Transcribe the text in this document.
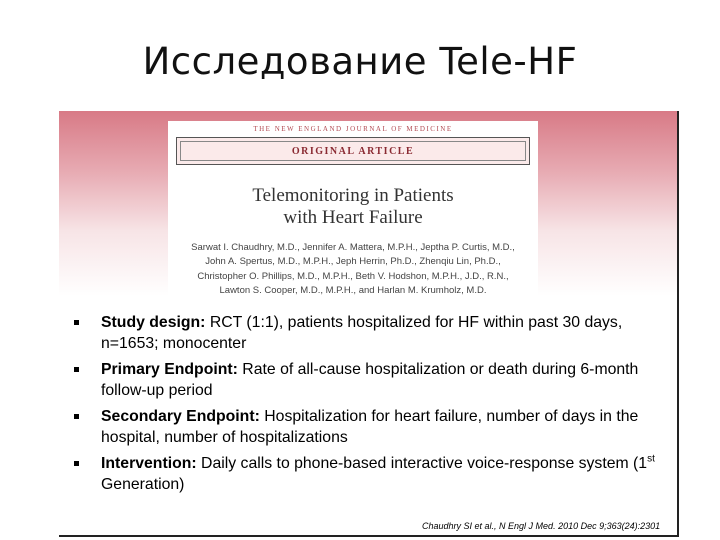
Исследование Tele-HF
THE NEW ENGLAND JOURNAL OF MEDICINE
ORIGINAL ARTICLE
Telemonitoring in Patients
with Heart Failure
Sarwat I. Chaudhry, M.D., Jennifer A. Mattera, M.P.H., Jeptha P. Curtis, M.D.,
John A. Spertus, M.D., M.P.H., Jeph Herrin, Ph.D., Zhenqiu Lin, Ph.D.,
Christopher O. Phillips, M.D., M.P.H., Beth V. Hodshon, M.P.H., J.D., R.N.,
Lawton S. Cooper, M.D., M.P.H., and Harlan M. Krumholz, M.D.
Study design: RCT (1:1), patients hospitalized for HF within past 30 days, n=1653; monocenter
Primary Endpoint: Rate of all-cause hospitalization or death during 6-month follow-up period
Secondary Endpoint: Hospitalization for heart failure, number of days in the hospital, number of hospitalizations
Intervention: Daily calls to phone-based interactive voice-response system (1st Generation)
Chaudhry SI et al., N Engl J Med. 2010 Dec 9;363(24):2301
